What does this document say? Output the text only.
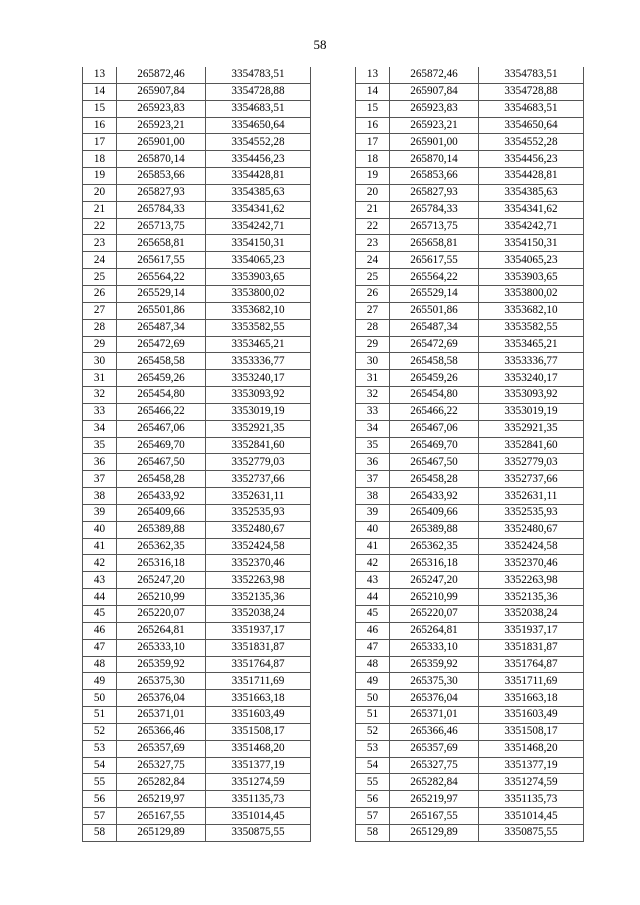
58
13	265872,46	3354783,51
14	265907,84	3354728,88
15	265923,83	3354683,51
16	265923,21	3354650,64
17	265901,00	3354552,28
18	265870,14	3354456,23
19	265853,66	3354428,81
20	265827,93	3354385,63
21	265784,33	3354341,62
22	265713,75	3354242,71
23	265658,81	3354150,31
24	265617,55	3354065,23
25	265564,22	3353903,65
26	265529,14	3353800,02
27	265501,86	3353682,10
28	265487,34	3353582,55
29	265472,69	3353465,21
30	265458,58	3353336,77
31	265459,26	3353240,17
32	265454,80	3353093,92
33	265466,22	3353019,19
34	265467,06	3352921,35
35	265469,70	3352841,60
36	265467,50	3352779,03
37	265458,28	3352737,66
38	265433,92	3352631,11
39	265409,66	3352535,93
40	265389,88	3352480,67
41	265362,35	3352424,58
42	265316,18	3352370,46
43	265247,20	3352263,98
44	265210,99	3352135,36
45	265220,07	3352038,24
46	265264,81	3351937,17
47	265333,10	3351831,87
48	265359,92	3351764,87
49	265375,30	3351711,69
50	265376,04	3351663,18
51	265371,01	3351603,49
52	265366,46	3351508,17
53	265357,69	3351468,20
54	265327,75	3351377,19
55	265282,84	3351274,59
56	265219,97	3351135,73
57	265167,55	3351014,45
58	265129,89	3350875,55
13	265872,46	3354783,51
14	265907,84	3354728,88
15	265923,83	3354683,51
16	265923,21	3354650,64
17	265901,00	3354552,28
18	265870,14	3354456,23
19	265853,66	3354428,81
20	265827,93	3354385,63
21	265784,33	3354341,62
22	265713,75	3354242,71
23	265658,81	3354150,31
24	265617,55	3354065,23
25	265564,22	3353903,65
26	265529,14	3353800,02
27	265501,86	3353682,10
28	265487,34	3353582,55
29	265472,69	3353465,21
30	265458,58	3353336,77
31	265459,26	3353240,17
32	265454,80	3353093,92
33	265466,22	3353019,19
34	265467,06	3352921,35
35	265469,70	3352841,60
36	265467,50	3352779,03
37	265458,28	3352737,66
38	265433,92	3352631,11
39	265409,66	3352535,93
40	265389,88	3352480,67
41	265362,35	3352424,58
42	265316,18	3352370,46
43	265247,20	3352263,98
44	265210,99	3352135,36
45	265220,07	3352038,24
46	265264,81	3351937,17
47	265333,10	3351831,87
48	265359,92	3351764,87
49	265375,30	3351711,69
50	265376,04	3351663,18
51	265371,01	3351603,49
52	265366,46	3351508,17
53	265357,69	3351468,20
54	265327,75	3351377,19
55	265282,84	3351274,59
56	265219,97	3351135,73
57	265167,55	3351014,45
58	265129,89	3350875,55
